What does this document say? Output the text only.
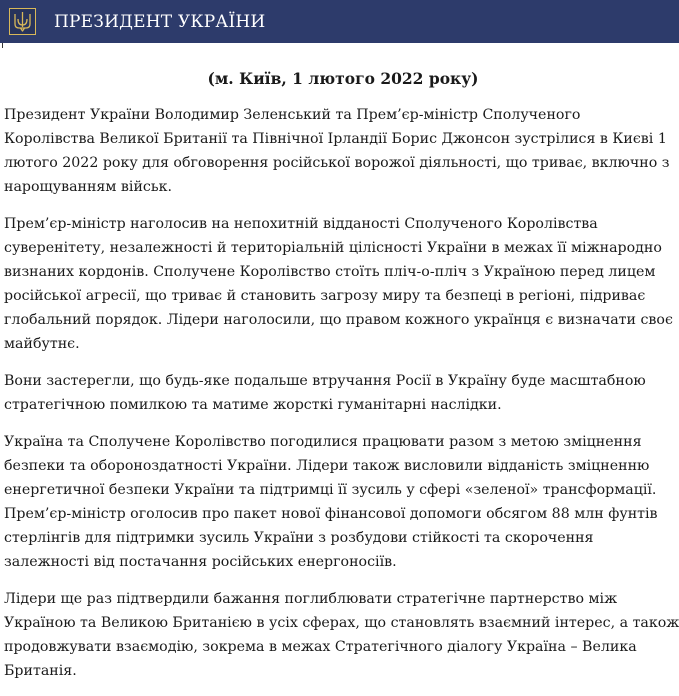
ПРЕЗИДЕНТ УКРАЇНИ
(м. Київ, 1 лютого 2022 року)
Президент України Володимир Зеленський та Прем’єр-міністр Сполученого
Королівства Великої Британії та Північної Ірландії Борис Джонсон зустрілися в Києві 1
лютого 2022 року для обговорення російської ворожої діяльності, що триває, включно з
нарощуванням військ.
Прем’єр-міністр наголосив на непохитній відданості Сполученого Королівства
суверенітету, незалежності й територіальній цілісності України в межах її міжнародно
визнаних кордонів. Сполучене Королівство стоїть пліч-о-пліч з Україною перед лицем
російської агресії, що триває й становить загрозу миру та безпеці в регіоні, підриває
глобальний порядок. Лідери наголосили, що правом кожного українця є визначати своє
майбутнє.
Вони застерегли, що будь-яке подальше втручання Росії в Україну буде масштабною
стратегічною помилкою та матиме жорсткі гуманітарні наслідки.
Україна та Сполучене Королівство погодилися працювати разом з метою зміцнення
безпеки та обороноздатності України. Лідери також висловили відданість зміцненню
енергетичної безпеки України та підтримці її зусиль у сфері «зеленої» трансформації.
Прем’єр-міністр оголосив про пакет нової фінансової допомоги обсягом 88 млн фунтів
стерлінгів для підтримки зусиль України з розбудови стійкості та скорочення
залежності від постачання російських енергоносіїв.
Лідери ще раз підтвердили бажання поглиблювати стратегічне партнерство між
Україною та Великою Британією в усіх сферах, що становлять взаємний інтерес, а також
продовжувати взаємодію, зокрема в межах Стратегічного діалогу Україна – Велика
Британія.
